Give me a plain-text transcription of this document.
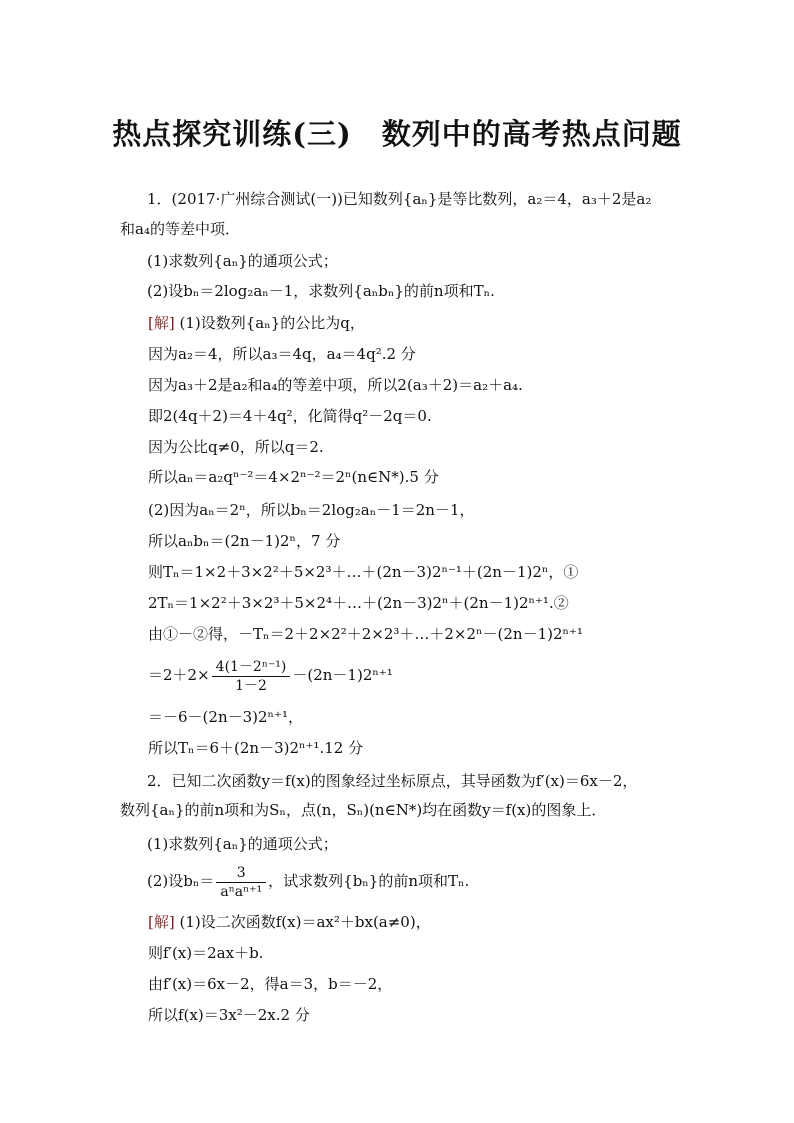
热点探究训练(三)　数列中的高考热点问题
1．(2017·广州综合测试(一))已知数列{aₙ}是等比数列，a₂＝4，a₃＋2是a₂
和a₄的等差中项．
(1)求数列{aₙ}的通项公式；
(2)设bₙ＝2log₂aₙ－1，求数列{aₙbₙ}的前n项和Tₙ.
[解] (1)设数列{aₙ}的公比为q，
因为a₂＝4，所以a₃＝4q，a₄＝4q².2 分
因为a₃＋2是a₂和a₄的等差中项，所以2(a₃＋2)＝a₂＋a₄.
即2(4q＋2)＝4＋4q²，化简得q²－2q＝0.
因为公比q≠0，所以q＝2.
所以aₙ＝a₂qⁿ⁻²＝4×2ⁿ⁻²＝2ⁿ(n∈N*).5 分
(2)因为aₙ＝2ⁿ，所以bₙ＝2log₂aₙ－1＝2n－1，
所以aₙbₙ＝(2n－1)2ⁿ，7 分
则Tₙ＝1×2＋3×2²＋5×2³＋…＋(2n－3)2ⁿ⁻¹＋(2n－1)2ⁿ，①
2Tₙ＝1×2²＋3×2³＋5×2⁴＋…＋(2n－3)2ⁿ＋(2n－1)2ⁿ⁺¹.②
由①－②得，－Tₙ＝2＋2×2²＋2×2³＋…＋2×2ⁿ－(2n－1)2ⁿ⁺¹
$=2+2\times \frac{\text{4(1－2ⁿ⁻¹)}}{1-2} -(2n-1)2^{n+1}$
＝－6－(2n－3)2ⁿ⁺¹，
所以Tₙ＝6＋(2n－3)2ⁿ⁺¹.12 分
2．已知二次函数y＝f(x)的图象经过坐标原点，其导函数为f′(x)＝6x－2，
数列{aₙ}的前n项和为Sₙ，点(n，Sₙ)(n∈N*)均在函数y＝f(x)的图象上．
(1)求数列{aₙ}的通项公式；
(2)设$b_n= \frac{3}{\text{aⁿaⁿ⁺¹}}$ ，试求数列{bₙ}的前n项和Tₙ.
[解] (1)设二次函数f(x)＝ax²＋bx(a≠0)，
则f′(x)＝2ax＋b.
由f′(x)＝6x－2，得a＝3，b＝－2，
所以f(x)＝3x²－2x.2 分
